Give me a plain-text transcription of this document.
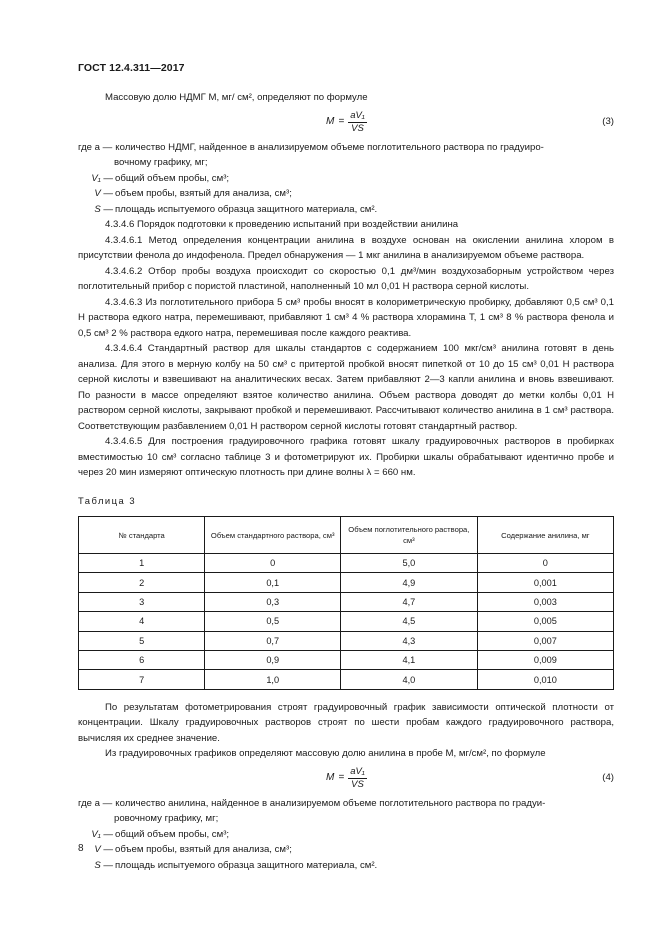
ГОСТ 12.4.311—2017

Массовую долю НДМГ М, мг/ см², определяют по формуле

$M = \frac{\text{aV₁}}{VS}$	(3)
где a — количество НДМГ, найденное в анализируемом объеме поглотительного раствора по градуиро-
вочному графику, мг;
V₁ — общий объем пробы, см³;
V — объем пробы, взятый для анализа, см³;
S — площадь испытуемого образца защитного материала, см².

4.3.4.6 Порядок подготовки к проведению испытаний при воздействии анилина

4.3.4.6.1 Метод определения концентрации анилина в воздухе основан на окислении анилина хлором в присутствии фенола до индофенола. Предел обнаружения — 1 мкг анилина в анализируемом объеме раствора.

4.3.4.6.2 Отбор пробы воздуха происходит со скоростью 0,1 дм³/мин воздухозаборным устройством через поглотительный прибор с пористой пластиной, наполненный 10 мл 0,01 Н раствора серной кислоты.

4.3.4.6.3 Из поглотительного прибора 5 см³ пробы вносят в колориметрическую пробирку, добавляют 0,5 см³ 0,1 Н раствора едкого натра, перемешивают, прибавляют 1 см³ 4 % раствора хлорамина Т, 1 см³ 8 % раствора фенола и 0,5 см³ 2 % раствора едкого натра, перемешивая после каждого реактива.

4.3.4.6.4 Стандартный раствор для шкалы стандартов с содержанием 100 мкг/см³ анилина готовят в день анализа. Для этого в мерную колбу на 50 см³ с притертой пробкой вносят пипеткой от 10 до 15 см³ 0,01 Н раствора серной кислоты и взвешивают на аналитических весах. Затем прибавляют 2—3 капли анилина и вновь взвешивают. По разности в массе определяют взятое количество анилина. Объем раствора доводят до метки колбы 0,01 Н раствором серной кислоты, закрывают пробкой и перемешивают. Рассчитывают количество анилина в 1 см³ раствора. Соответствующим разбавлением 0,01 Н раствором серной кислоты готовят стандартный раствор.

4.3.4.6.5 Для построения градуировочного графика готовят шкалу градуировочных растворов в пробирках вместимостью 10 см³ согласно таблице 3 и фотометрируют их. Пробирки шкалы обрабатывают идентично пробе и через 20 мин измеряют оптическую плотность при длине волны λ = 660 нм.

Таблица 3
№ стандарта	Объем стандартного раствора, см³	Объем поглотительного раствора, см³	Содержание анилина, мг
1	0	5,0	0
2	0,1	4,9	0,001
3	0,3	4,7	0,003
4	0,5	4,5	0,005
5	0,7	4,3	0,007
6	0,9	4,1	0,009
7	1,0	4,0	0,010

По результатам фотометрирования строят градуировочный график зависимости оптической плотности от концентрации. Шкалу градуировочных растворов строят по шести пробам каждого градуировочного раствора, вычисляя их среднее значение.

Из градуировочных графиков определяют массовую долю анилина в пробе М, мг/см², по формуле

$M = \frac{\text{aV₁}}{VS}$	(4)
где a — количество анилина, найденное в анализируемом объеме поглотительного раствора по градуи-
ровочному графику, мг;
V₁ — общий объем пробы, см³;
V — объем пробы, взятый для анализа, см³;
S — площадь испытуемого образца защитного материала, см².
8
